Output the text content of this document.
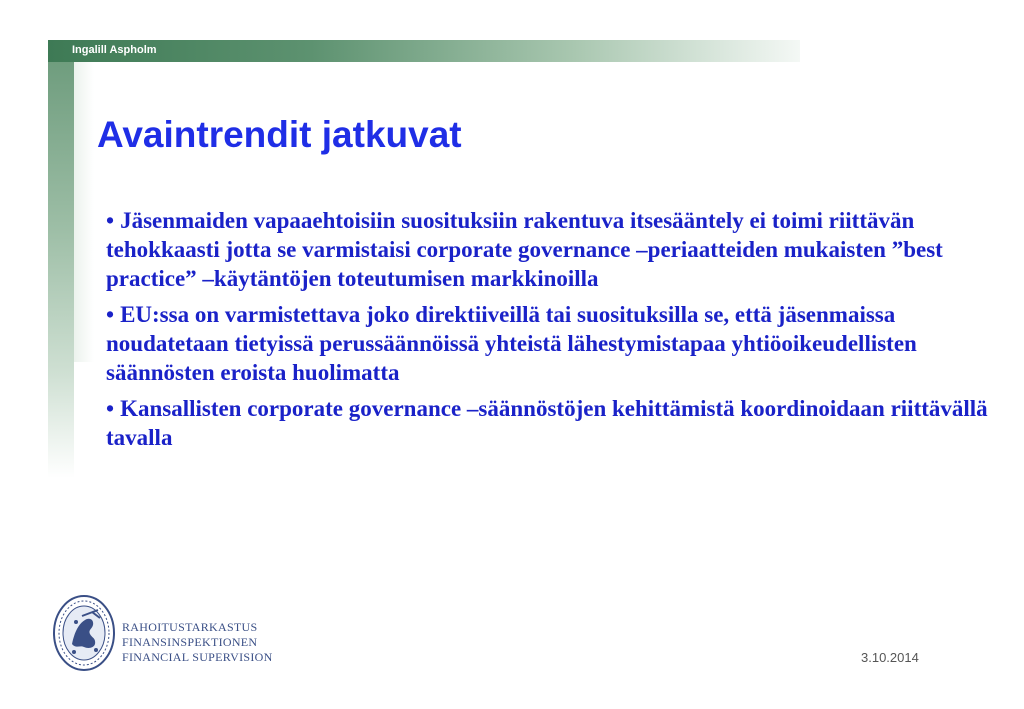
Ingalill Aspholm
Avaintrendit jatkuvat
• Jäsenmaiden vapaaehtoisiin suosituksiin rakentuva itsesääntely ei toimi riittävän tehokkaasti jotta se varmistaisi corporate governance –periaatteiden mukaisten ”best practice” –käytäntöjen toteutumisen markkinoilla
• EU:ssa on varmistettava joko direktiiveillä tai suosituksilla se, että jäsenmaissa noudatetaan tietyissä perussäännöissä yhteistä lähestymistapaa yhtiöoikeudellisten säännösten eroista huolimatta
• Kansallisten corporate governance –säännöstöjen kehittämistä koordinoidaan riittävällä tavalla
RAHOITUSTARKASTUS
FINANSINSPEKTIONEN
FINANCIAL SUPERVISION	3.10.2014
